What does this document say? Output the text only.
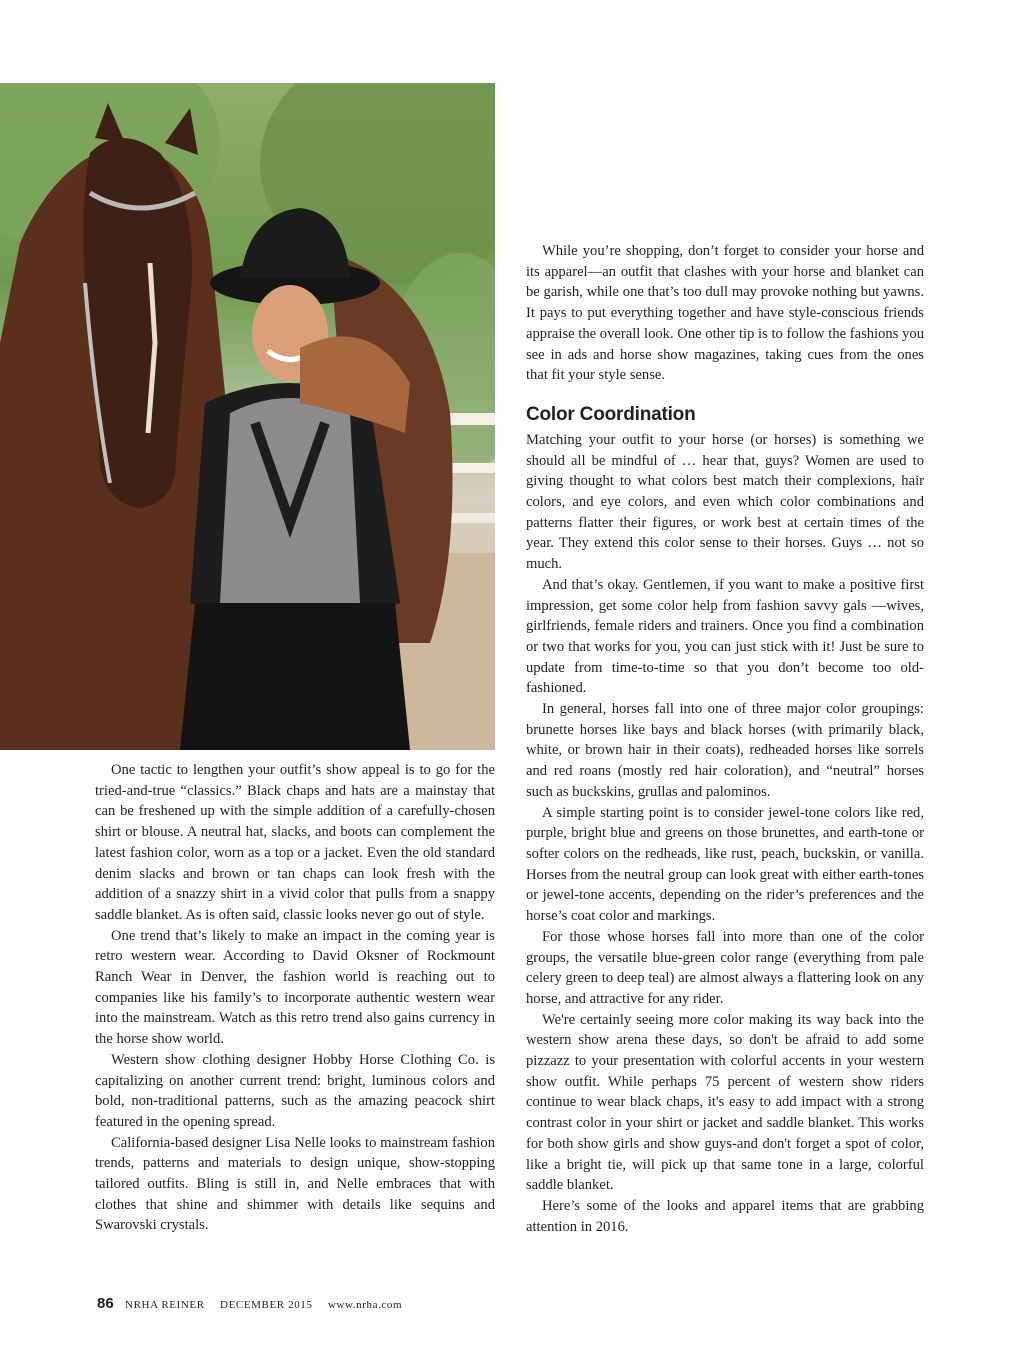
While you’re shopping, don’t forget to consider your horse and its apparel—an outfit that clashes with your horse and blanket can be garish, while one that’s too dull may provoke nothing but yawns. It pays to put everything together and have style-conscious friends appraise the overall look. One other tip is to follow the fashions you see in ads and horse show magazines, taking cues from the ones that fit your style sense.

Color Coordination

Matching your outfit to your horse (or horses) is something we should all be mindful of … hear that, guys? Women are used to giving thought to what colors best match their complexions, hair colors, and eye colors, and even which color combinations and patterns flatter their figures, or work best at certain times of the year. They extend this color sense to their horses. Guys … not so much.

And that’s okay. Gentlemen, if you want to make a positive first impression, get some color help from fashion savvy gals —wives, girlfriends, female riders and trainers. Once you find a combination or two that works for you, you can just stick with it! Just be sure to update from time-to-time so that you don’t become too old-fashioned.

In general, horses fall into one of three major color groupings: brunette horses like bays and black horses (with primarily black, white, or brown hair in their coats), redheaded horses like sorrels and red roans (mostly red hair coloration), and “neutral” horses such as buckskins, grullas and palominos.

A simple starting point is to consider jewel-tone colors like red, purple, bright blue and greens on those brunettes, and earth-tone or softer colors on the redheads, like rust, peach, buckskin, or vanilla. Horses from the neutral group can look great with either earth-tones or jewel-tone accents, depending on the rider’s preferences and the horse’s coat color and markings.

For those whose horses fall into more than one of the color groups, the versatile blue-green color range (everything from pale celery green to deep teal) are almost always a flattering look on any horse, and attractive for any rider.

We're certainly seeing more color making its way back into the western show arena these days, so don't be afraid to add some pizzazz to your presentation with colorful accents in your western show outfit. While perhaps 75 percent of western show riders continue to wear black chaps, it's easy to add impact with a strong contrast color in your shirt or jacket and saddle blanket. This works for both show girls and show guys-and don't forget a spot of color, like a bright tie, will pick up that same tone in a large, colorful saddle blanket.

Here’s some of the looks and apparel items that are grabbing attention in 2016.

One tactic to lengthen your outfit’s show appeal is to go for the tried-and-true “classics.” Black chaps and hats are a mainstay that can be freshened up with the simple addition of a carefully-chosen shirt or blouse. A neutral hat, slacks, and boots can complement the latest fashion color, worn as a top or a jacket. Even the old standard denim slacks and brown or tan chaps can look fresh with the addition of a snazzy shirt in a vivid color that pulls from a snappy saddle blanket. As is often said, classic looks never go out of style.

One trend that’s likely to make an impact in the coming year is retro western wear. According to David Oksner of Rockmount Ranch Wear in Denver, the fashion world is reaching out to companies like his family’s to incorporate authentic western wear into the mainstream. Watch as this retro trend also gains currency in the horse show world.

Western show clothing designer Hobby Horse Clothing Co. is capitalizing on another current trend: bright, luminous colors and bold, non-traditional patterns, such as the amazing peacock shirt featured in the opening spread.

California-based designer Lisa Nelle looks to mainstream fashion trends, patterns and materials to design unique, show-stopping tailored outfits. Bling is still in, and Nelle embraces that with clothes that shine and shimmer with details like sequins and Swarovski crystals.

86 NRHA REINER DECEMBER 2015 www.nrha.com
